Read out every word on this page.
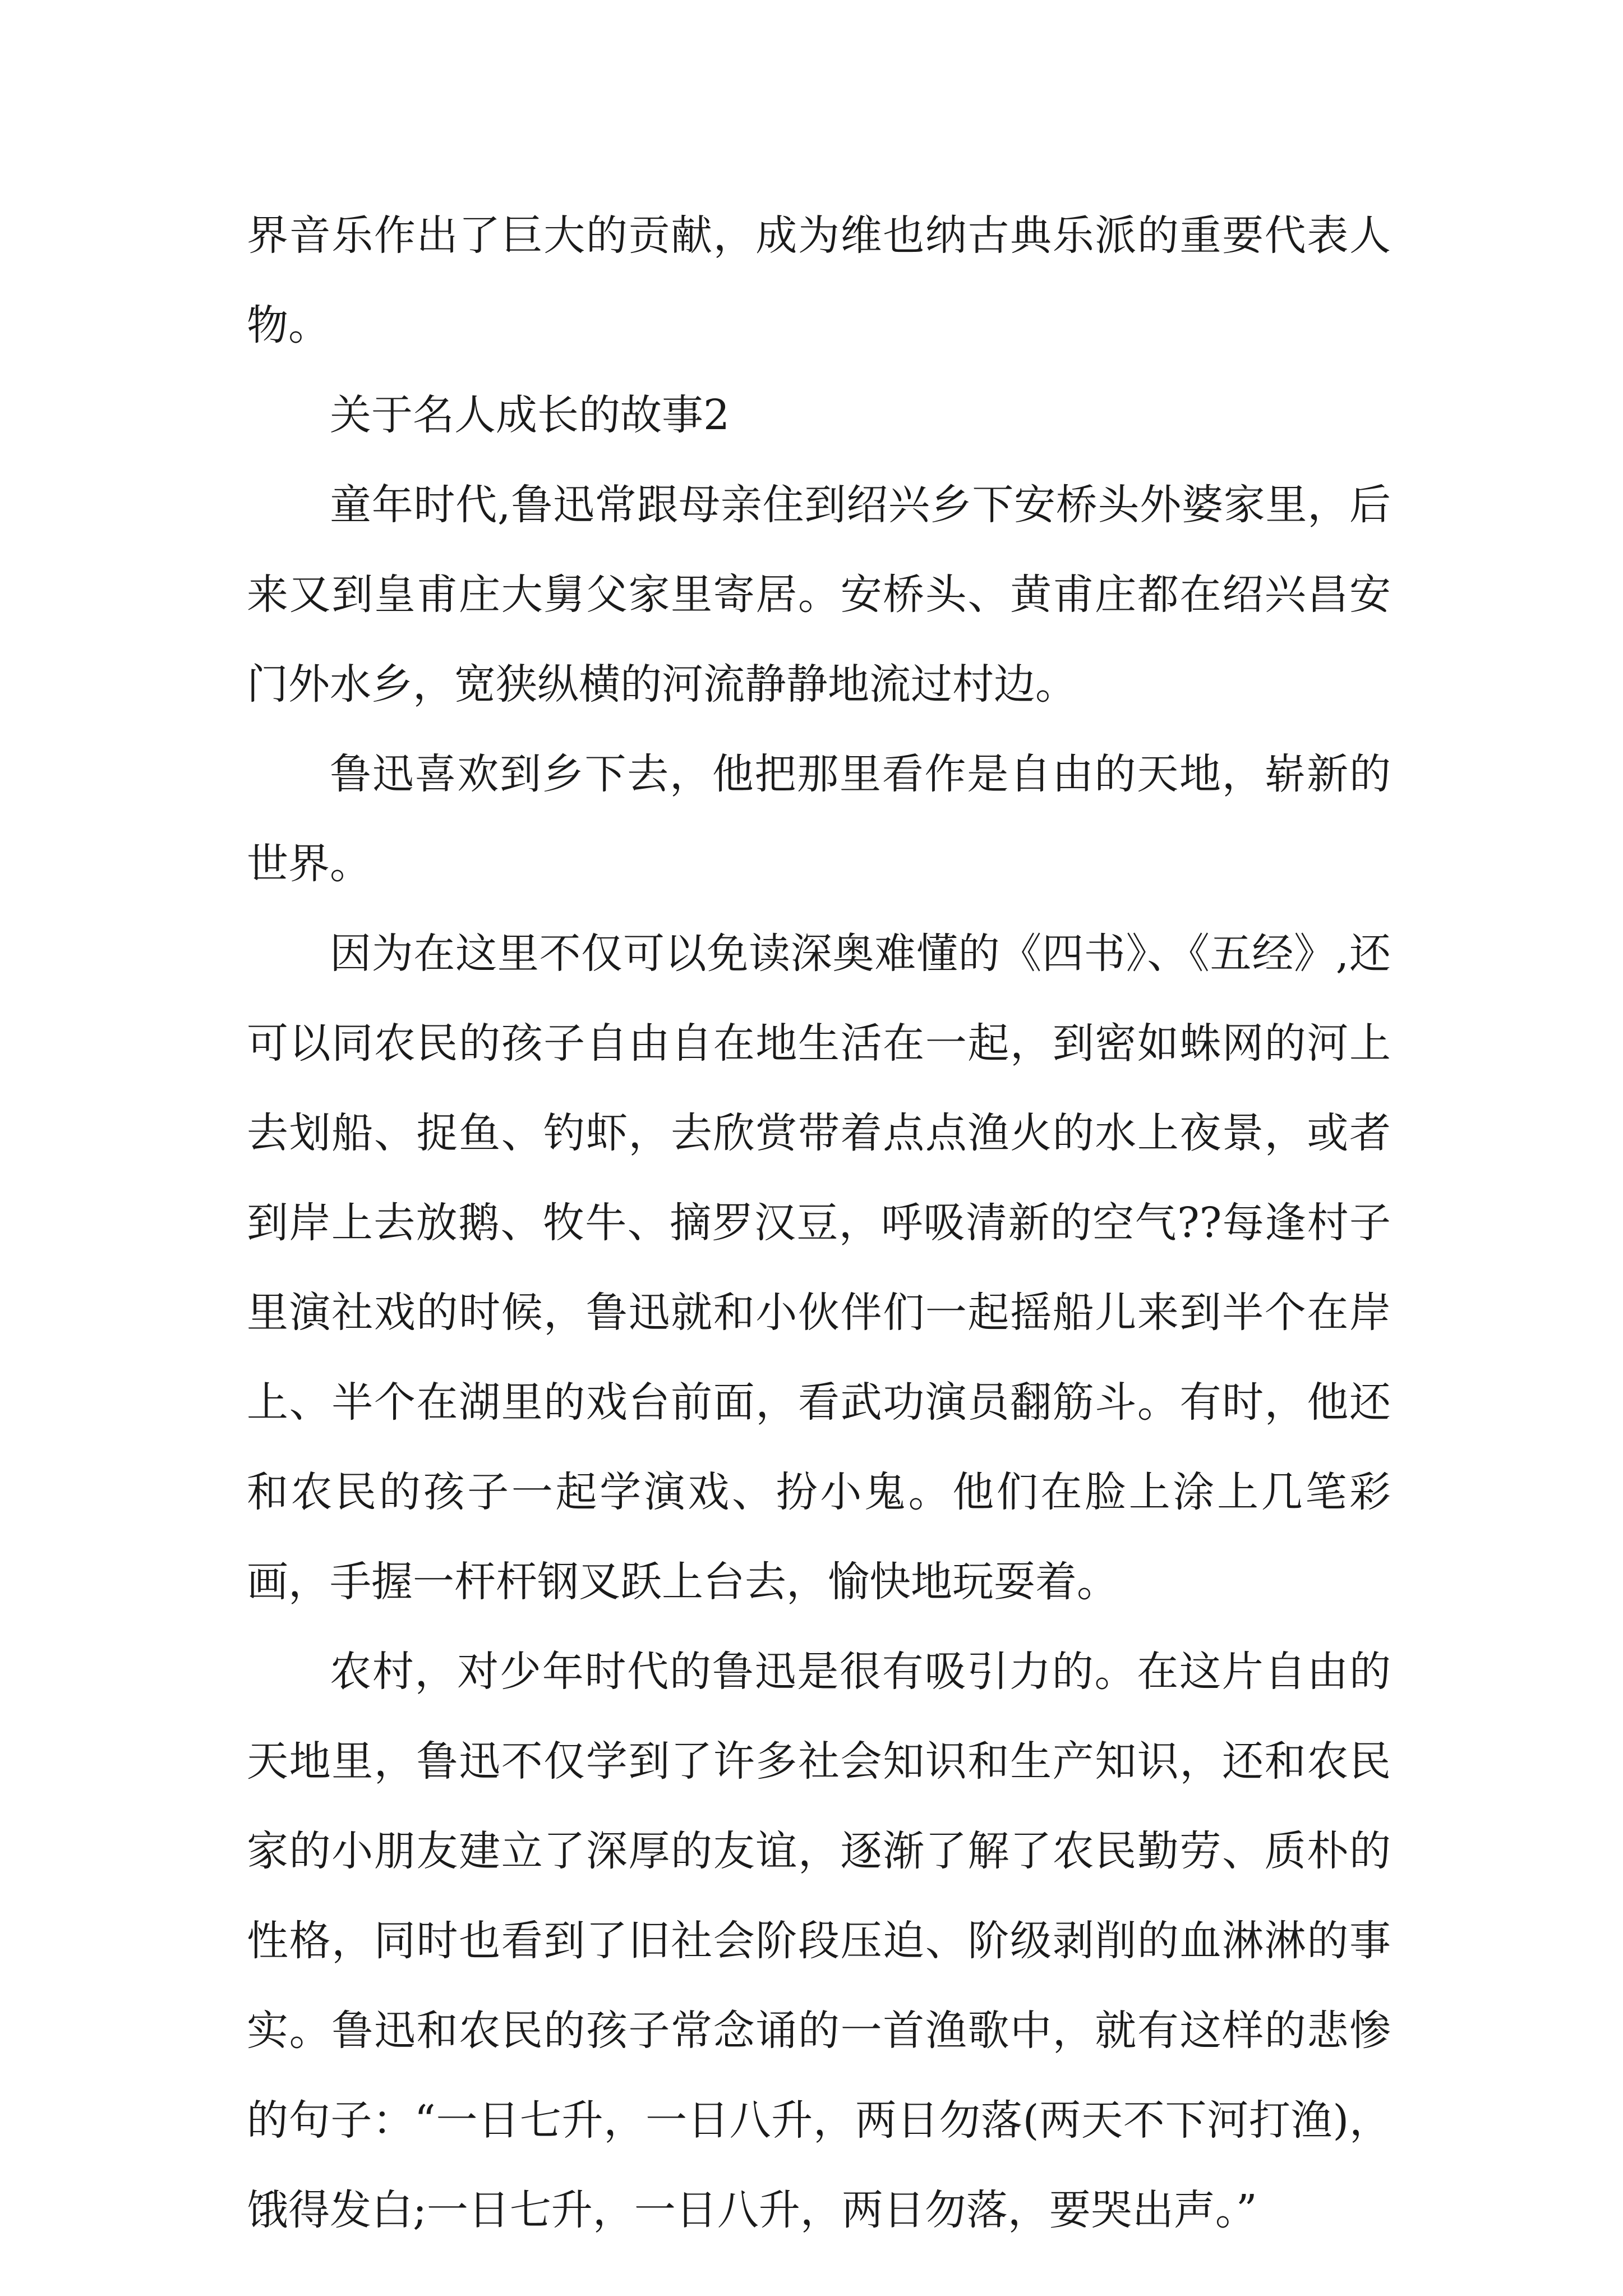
界音乐作出了巨大的贡献，成为维也纳古典乐派的重要代表人物。

关于名人成长的故事2

童年时代,鲁迅常跟母亲住到绍兴乡下安桥头外婆家里，后来又到皇甫庄大舅父家里寄居。安桥头、黄甫庄都在绍兴昌安门外水乡，宽狭纵横的河流静静地流过村边。

鲁迅喜欢到乡下去，他把那里看作是自由的天地，崭新的世界。

因为在这里不仅可以免读深奥难懂的《四书》、《五经》,还可以同农民的孩子自由自在地生活在一起，到密如蛛网的河上去划船、捉鱼、钓虾，去欣赏带着点点渔火的水上夜景，或者到岸上去放鹅、牧牛、摘罗汉豆，呼吸清新的空气??每逢村子里演社戏的时候，鲁迅就和小伙伴们一起摇船儿来到半个在岸上、半个在湖里的戏台前面，看武功演员翻筋斗。有时，他还和农民的孩子一起学演戏、扮小鬼。他们在脸上涂上几笔彩画，手握一杆杆钢叉跃上台去，愉快地玩耍着。

农村，对少年时代的鲁迅是很有吸引力的。在这片自由的天地里，鲁迅不仅学到了许多社会知识和生产知识，还和农民家的小朋友建立了深厚的友谊，逐渐了解了农民勤劳、质朴的性格，同时也看到了旧社会阶段压迫、阶级剥削的血淋淋的事实。鲁迅和农民的孩子常念诵的一首渔歌中，就有这样的悲惨的句子：“一日七升，一日八升，两日勿落(两天不下河打渔)，饿得发白;一日七升，一日八升，两日勿落，要哭出声。”
